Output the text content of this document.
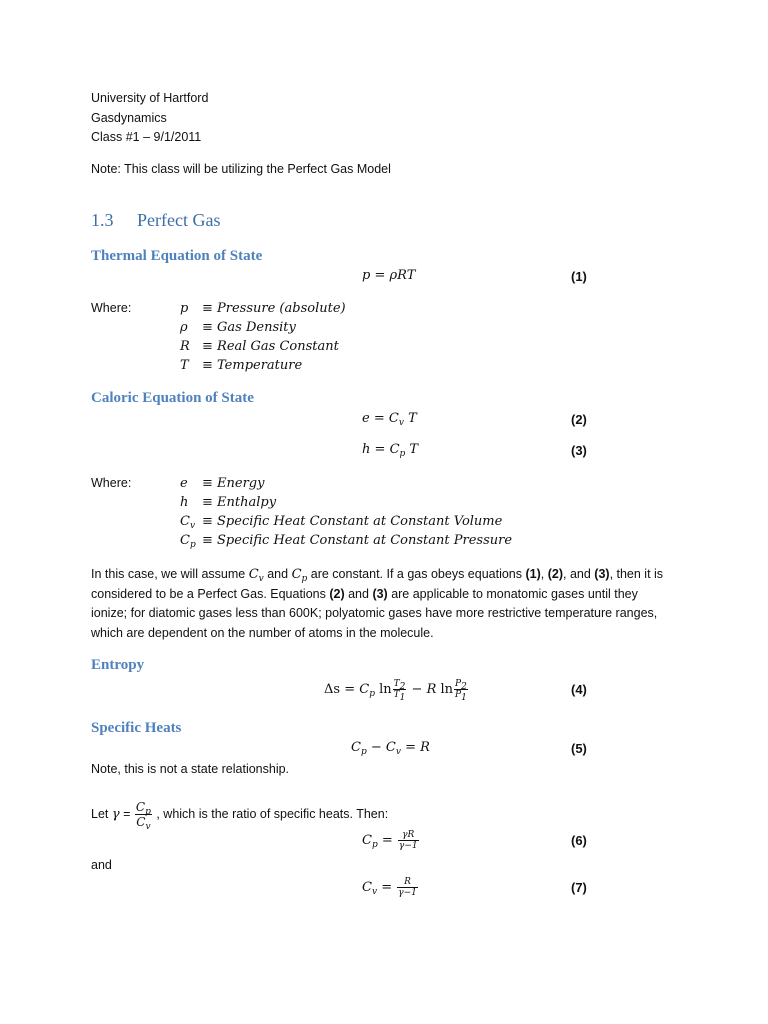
University of Hartford
Gasdynamics
Class #1 – 9/1/2011
Note: This class will be utilizing the Perfect Gas Model
1.3 Perfect Gas
Thermal Equation of State
p = ρRT	(1)
Where:	p ≡ Pressure (absolute)
ρ ≡ Gas Density
R ≡ Real Gas Constant
T ≡ Temperature
Caloric Equation of State
$e = C_v$ T	(2)
$h = C_p$ T	(3)
Where:	e ≡ Energy
h ≡ Enthalpy
$C_v$ ≡ Specific Heat Constant at Constant Volume
$C_p$ ≡ Specific Heat Constant at Constant Pressure
In this case, we will assume $C_v$ and $C_p$ are constant. If a gas obeys equations (1), (2), and (3), then it is
considered to be a Perfect Gas. Equations (2) and (3) are applicable to monatomic gases until they
ionize; for diatomic gases less than 600K; polyatomic gases have more restrictive temperature ranges,
which are dependent on the number of atoms in the molecule.
Entropy
$\Delta s = C_p$ $\ln \frac{T_2}{T_1} - R$ $\ln \frac{P_2}{P_1}$	(4)
Specific Heats
$C_p - C_v = R$	(5)
Note, this is not a state relationship.
Let $\gamma = \frac{C_p}{C_v}$ , which is the ratio of specific heats. Then:
$C_p = \frac{\gamma R}{\gamma-1}$	(6)
and
$C_v = \frac{R}{\gamma-1}$	(7)
